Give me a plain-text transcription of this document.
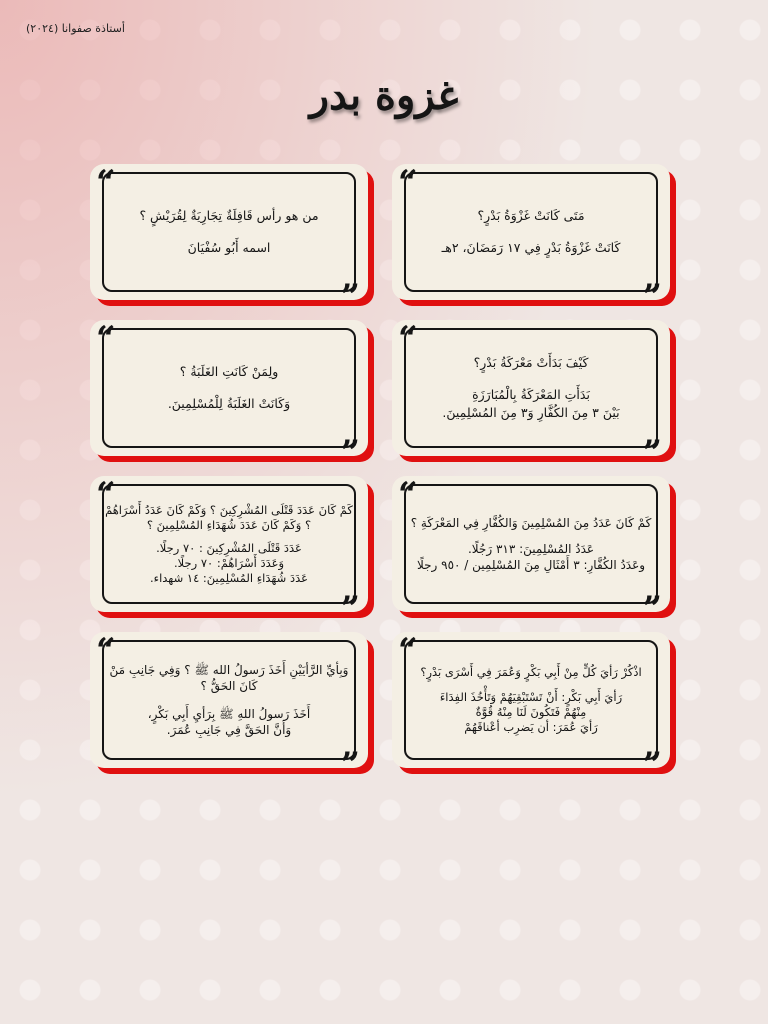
أستاذة صفوانا (٢٠٢٤)
غزوة بدر
“
”
مَتَى كَانَتْ غَزْوَةُ بَدْرٍ؟
كَانَتْ غَزْوَةُ بَدْرٍ فِي ١٧ رَمَضَانَ، ٢هـ
“
”
من هو رأس قَافِلَةٌ تِجَارِيَةٌ لِقُرَيْشٍ ؟
اسمه أَبُو سُفْيَانَ
“
”
كَيْفَ بَدَأَتْ مَعْرَكَةُ بَدْرٍ؟
بَدَأَتِ المَعْرَكَةُ بِالْمُبَارَزَةِ
بَيْنَ ٣ مِنَ الكُفَّارِ وَ٣ مِنَ المُسْلِمِينَ.
“
”
ولِمَنْ كَانَتِ الغَلَبَةُ ؟
وَكَانَتْ الغَلَبَةُ لِلْمُسْلِمِينَ.
“
”
كَمْ كَانَ عَدَدُ مِنَ المُسْلِمِينَ وَالكُفَّارِ فِي المَعْرَكَةِ ؟
عَدَدُ المُسْلِمِينَ: ٣١٣ رَجُلًا.
وعَدَدُ الكُفَّارِ: ٣ أَمْثَالِ مِنَ المُسْلِمِين / ٩٥٠ رجلًا
“
”
كَمْ كَانَ عَدَدَ قَتْلَى المُشْرِكِينَ ؟ وَكَمْ كَانَ عَدَدُ أَسْرَاهُمْ ؟ وَكَمْ كَانَ عَدَدَ شُهَدَاءِ المُسْلِمِينَ ؟
عَدَدَ قَتْلَى المُشْرِكِينَ : ٧٠ رجلًا.
وَعَدَدَ أَسْرَاهُمْ: ٧٠ رجلًا.
عَدَدَ شُهَدَاءِ المُسْلِمِينَ: ١٤ شهداء.
“
”
اذْكُرْ رَأيَ كُلٍّ مِنْ أَبِي بَكْرٍ وَعُمَرَ فِي أَسْرَى بَدْرٍ؟
رَأيَ أَبِي بَكْرٍ: أَنْ تَسْتَبْقِيَهُمْ وَتَأْخُذَ الفِدَاءَ
مِنْهُمْ فَتَكُونَ لَنَا مِنْهُ قُوَّةٌ
رَأيَ عُمَرَ: أن يَضرِب أعْناقَهُمْ
“
”
وَبِأيِّ الرَّأيَيْنِ أَخَذَ رَسولُ الله ﷺ ؟ وَفِي جَانِبِ مَنْ كَانَ الحَقُّ ؟
أَخَذَ رَسولُ اللهِ ﷺ بِرَأيِ أَبِي بَكْرٍ،
وَأَنَّ الحَقَّ فِي جَانِبِ عُمَرَ.
